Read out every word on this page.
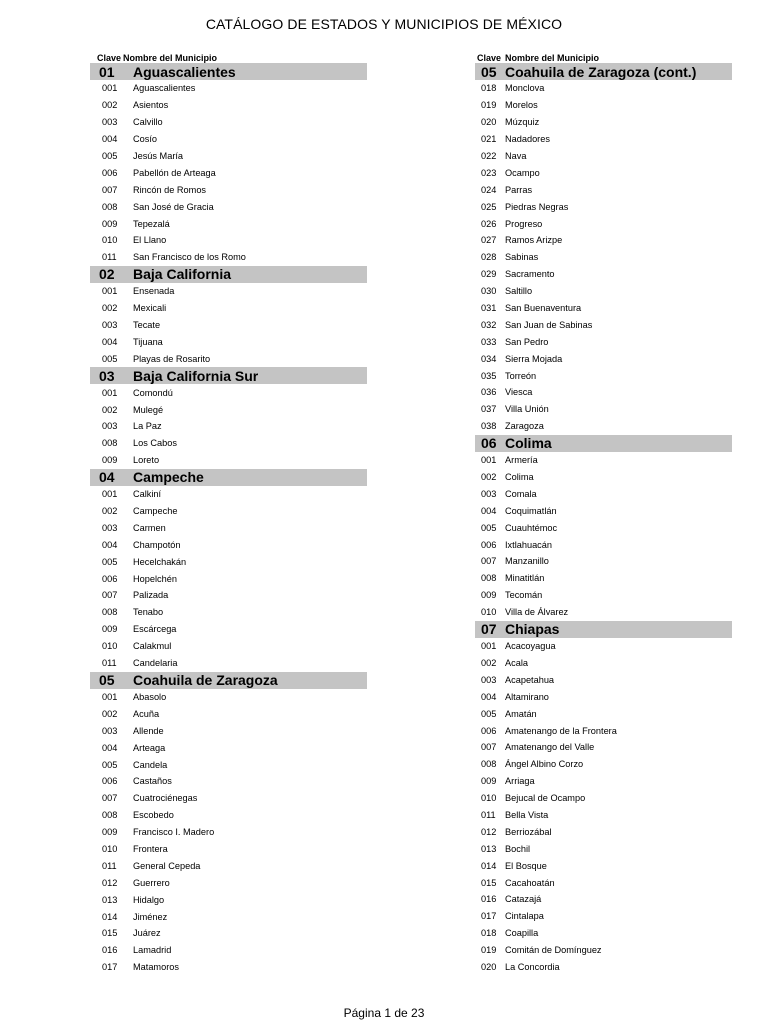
CATÁLOGO DE ESTADOS Y MUNICIPIOS DE MÉXICO
Clave Nombre del Municipio
01	Aguascalientes
001	Aguascalientes
002	Asientos
003	Calvillo
004	Cosío
005	Jesús María
006	Pabellón de Arteaga
007	Rincón de Romos
008	San José de Gracia
009	Tepezalá
010	El Llano
011	San Francisco de los Romo
02	Baja California
001	Ensenada
002	Mexicali
003	Tecate
004	Tijuana
005	Playas de Rosarito
03	Baja California Sur
001	Comondú
002	Mulegé
003	La Paz
008	Los Cabos
009	Loreto
04	Campeche
001	Calkiní
002	Campeche
003	Carmen
004	Champotón
005	Hecelchakán
006	Hopelchén
007	Palizada
008	Tenabo
009	Escárcega
010	Calakmul
011	Candelaria
05	Coahuila de Zaragoza
001	Abasolo
002	Acuña
003	Allende
004	Arteaga
005	Candela
006	Castaños
007	Cuatrociénegas
008	Escobedo
009	Francisco I. Madero
010	Frontera
011	General Cepeda
012	Guerrero
013	Hidalgo
014	Jiménez
015	Juárez
016	Lamadrid
017	Matamoros
Clave Nombre del Municipio
05 Coahuila de Zaragoza (cont.)
018 Monclova
019 Morelos
020 Múzquiz
021 Nadadores
022 Nava
023 Ocampo
024 Parras
025 Piedras Negras
026 Progreso
027 Ramos Arizpe
028 Sabinas
029 Sacramento
030 Saltillo
031 San Buenaventura
032 San Juan de Sabinas
033 San Pedro
034 Sierra Mojada
035 Torreón
036 Viesca
037 Villa Unión
038 Zaragoza
06 Colima
001 Armería
002 Colima
003 Comala
004 Coquimatlán
005 Cuauhtémoc
006 Ixtlahuacán
007 Manzanillo
008 Minatitlán
009 Tecomán
010 Villa de Álvarez
07 Chiapas
001 Acacoyagua
002 Acala
003 Acapetahua
004 Altamirano
005 Amatán
006 Amatenango de la Frontera
007 Amatenango del Valle
008 Ángel Albino Corzo
009 Arriaga
010 Bejucal de Ocampo
011	Bella Vista
012 Berriozábal
013 Bochil
014 El Bosque
015 Cacahoatán
016 Catazajá
017 Cintalapa
018 Coapilla
019 Comitán de Domínguez
020 La Concordia
Página 1 de 23
